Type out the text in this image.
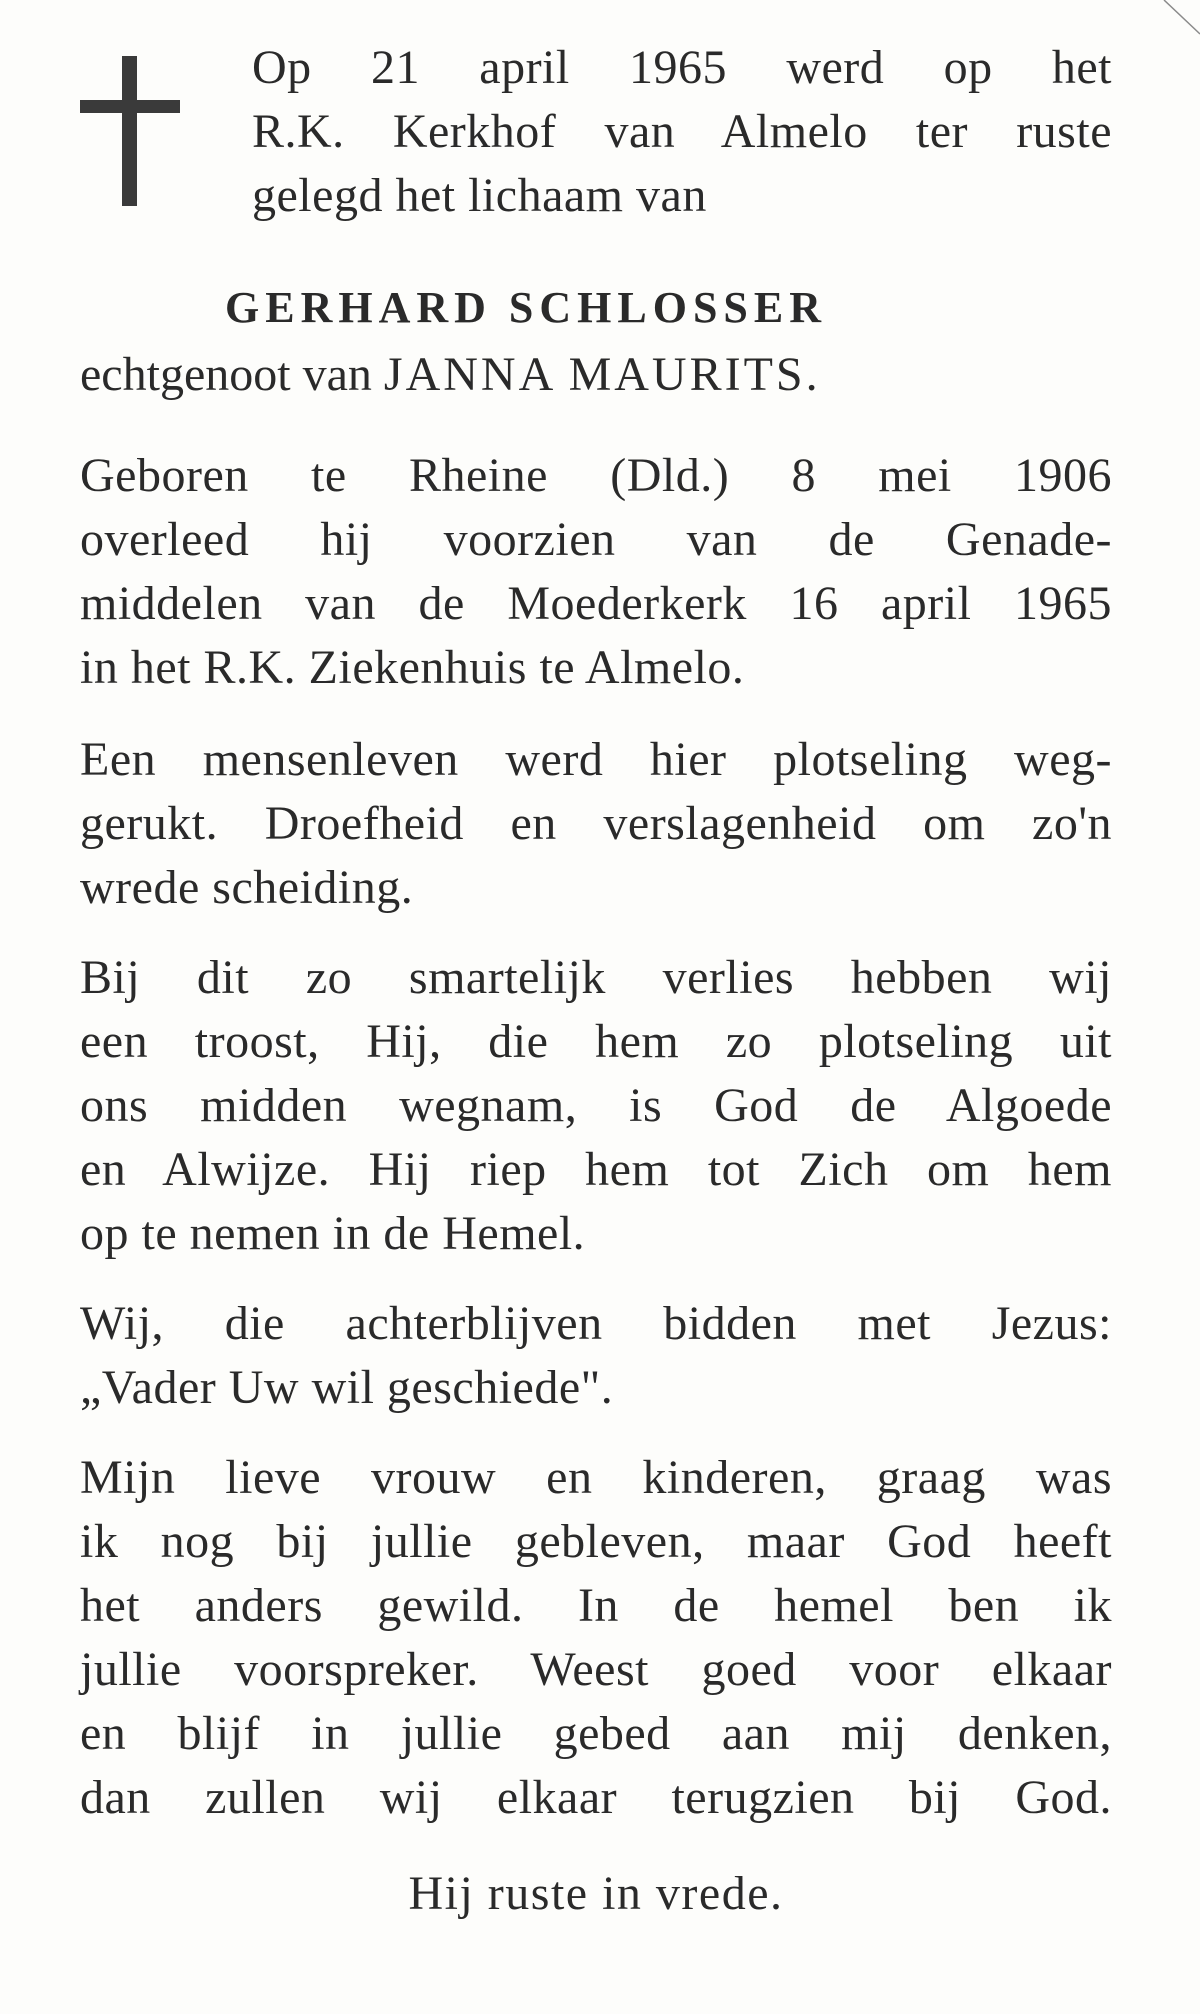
Op 21 april 1965 werd op het
R.K. Kerkhof van Almelo ter ruste
gelegd het lichaam van
GERHARD SCHLOSSER
echtgenoot van JANNA MAURITS.
Geboren te Rheine (Dld.) 8 mei 1906
overleed hij voorzien van de Genade-
middelen van de Moederkerk 16 april 1965
in het R.K. Ziekenhuis te Almelo.
Een mensenleven werd hier plotseling weg-
gerukt. Droefheid en verslagenheid om zo'n
wrede scheiding.
Bij dit zo smartelijk verlies hebben wij
een troost, Hij, die hem zo plotseling uit
ons midden wegnam, is God de Algoede
en Alwijze. Hij riep hem tot Zich om hem
op te nemen in de Hemel.
Wij, die achterblijven bidden met Jezus:
„Vader Uw wil geschiede".
Mijn lieve vrouw en kinderen, graag was
ik nog bij jullie gebleven, maar God heeft
het anders gewild. In de hemel ben ik
jullie voorspreker. Weest goed voor elkaar
en blijf in jullie gebed aan mij denken,
dan zullen wij elkaar terugzien bij God.
Hij ruste in vrede.
